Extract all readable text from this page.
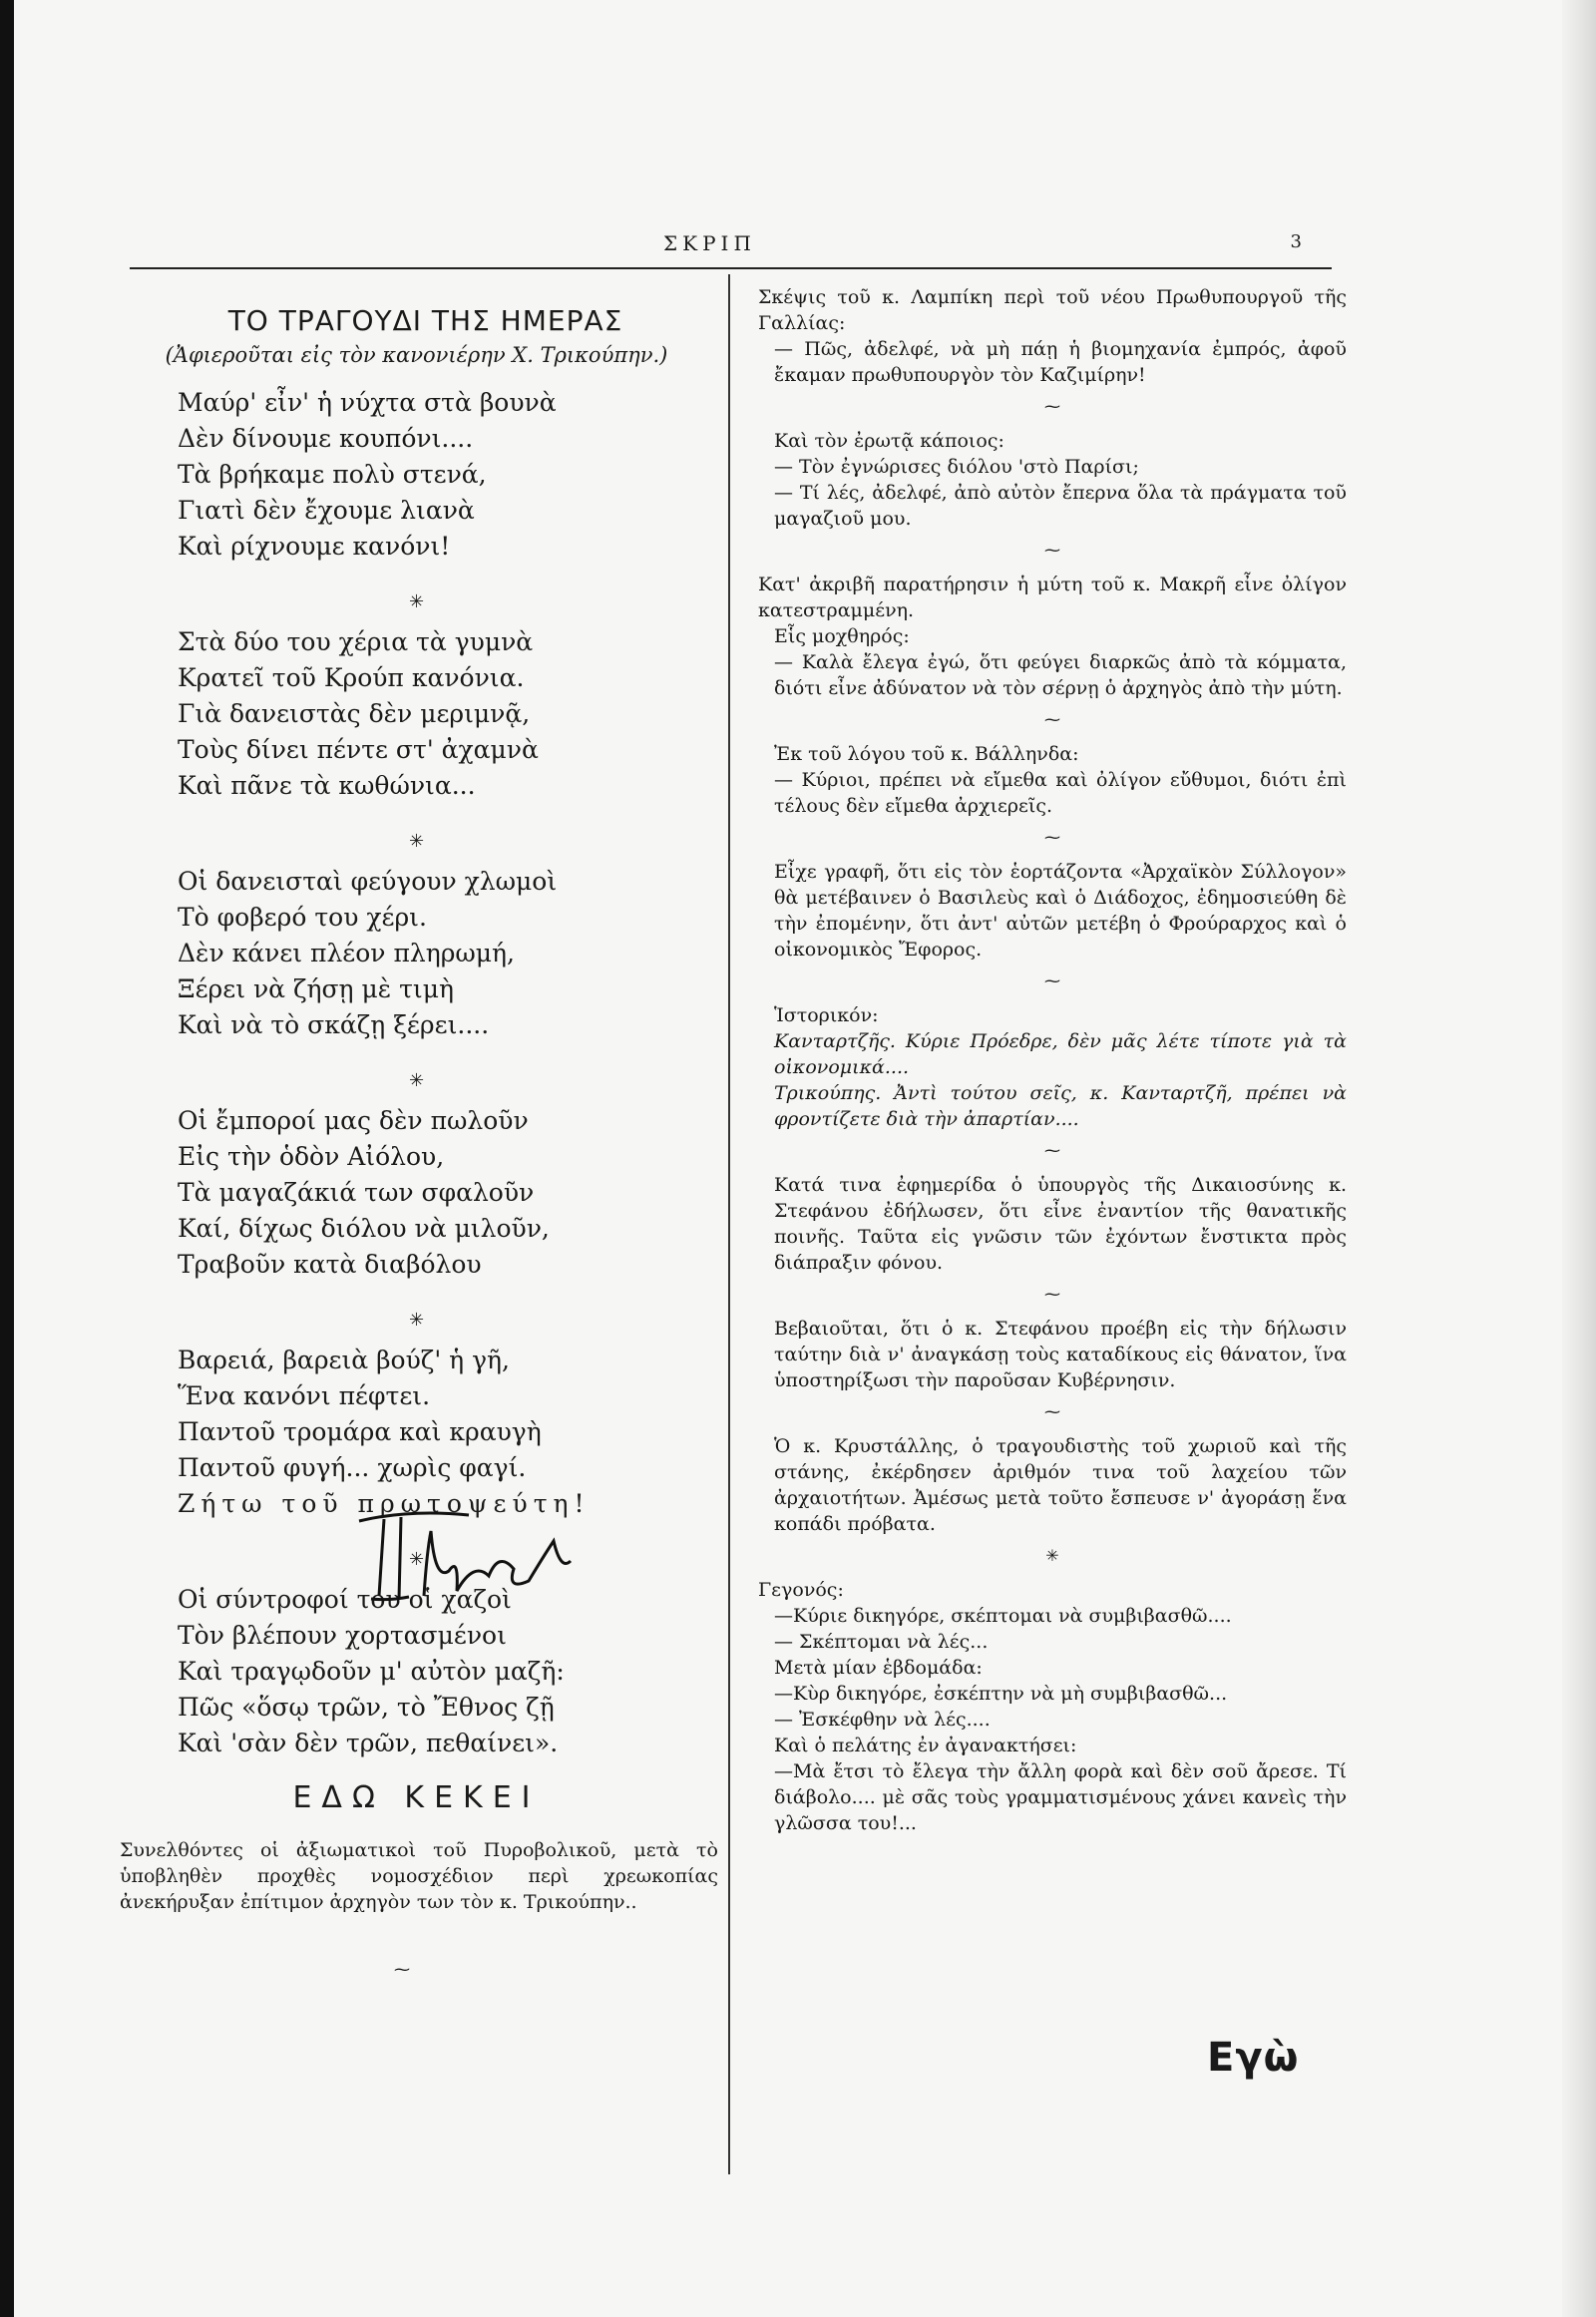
ΣΚΡΙΠ	3
ΤΟ ΤΡΑΓΟΥΔΙ ΤΗΣ ΗΜΕΡΑΣ
(Ἀφιεροῦται εἰς τὸν κανονιέρην Χ. Τρικούπην.)
Μαύρ' εἶν' ἡ νύχτα στὰ βουνὰ
Δὲν δίνουμε κουπόνι....
Τὰ βρήκαμε πολὺ στενά,
Γιατὶ δὲν ἔχουμε λιανὰ
Καὶ ρίχνουμε κανόνι!
✳
Στὰ δύο του χέρια τὰ γυμνὰ
Κρατεῖ τοῦ Κρούπ κανόνια.
Γιὰ δανειστὰς δὲν μεριμνᾷ,
Τοὺς δίνει πέντε στ' ἀχαμνὰ
Καὶ πᾶνε τὰ κωθώνια...
✳
Οἱ δανεισταὶ φεύγουν χλωμοὶ
Τὸ φοβερό του χέρι.
Δὲν κάνει πλέον πληρωμή,
Ξέρει νὰ ζήσῃ μὲ τιμὴ
Καὶ νὰ τὸ σκάζῃ ξέρει....
✳
Οἱ ἔμποροί μας δὲν πωλοῦν
Εἰς τὴν ὁδὸν Αἰόλου,
Τὰ μαγαζάκιά των σφαλοῦν
Καί, δίχως διόλου νὰ μιλοῦν,
Τραβοῦν κατὰ διαβόλου
✳
Βαρειά, βαρειὰ βούζ' ἡ γῆ,
Ἕνα κανόνι πέφτει.
Παντοῦ τρομάρα καὶ κραυγὴ
Παντοῦ φυγή... χωρὶς φαγί.
Ζήτω τοῦ πρωτοψεύτη!
✳
Οἱ σύντροφοί του οἱ χαζοὶ
Τὸν βλέπουν χορτασμένοι
Καὶ τραγῳδοῦν μ' αὐτὸν μαζῆ:
Πῶς «ὅσῳ τρῶν, τὸ Ἔθνος ζῇ
Καὶ 'σὰν δὲν τρῶν, πεθαίνει».
ΕΔΩ ΚΕΚΕΙ
Συνελθόντες οἱ ἀξιωματικοὶ τοῦ Πυροβολικοῦ, μετὰ τὸ ὑποβληθὲν προχθὲς νομοσχέδιον περὶ χρεωκοπίας ἀνεκήρυξαν ἐπίτιμον ἀρχηγὸν των τὸν κ. Τρικούπην..
⁓
Σκέψις τοῦ κ. Λαμπίκη περὶ τοῦ νέου Πρωθυπουργοῦ τῆς Γαλλίας:
— Πῶς, ἀδελφέ, νὰ μὴ πάῃ ἡ βιομηχανία ἐμπρός, ἀφοῦ ἔκαμαν πρωθυπουργὸν τὸν Καζιμίρην!
⁓
Καὶ τὸν ἐρωτᾷ κάποιος:
— Τὸν ἐγνώρισες διόλου 'στὸ Παρίσι;
— Τί λές, ἀδελφέ, ἀπὸ αὐτὸν ἔπερνα ὅλα τὰ πράγματα τοῦ μαγαζιοῦ μου.
⁓
Κατ' ἀκριβῆ παρατήρησιν ἡ μύτη τοῦ κ. Μακρῆ εἶνε ὀλίγον κατεστραμμένη.
Εἷς μοχθηρός:
— Καλὰ ἔλεγα ἐγώ, ὅτι φεύγει διαρκῶς ἀπὸ τὰ κόμματα, διότι εἶνε ἀδύνατον νὰ τὸν σέρνῃ ὁ ἀρχηγὸς ἀπὸ τὴν μύτη.
⁓
Ἐκ τοῦ λόγου τοῦ κ. Βάλληνδα:
— Κύριοι, πρέπει νὰ εἴμεθα καὶ ὀλίγον εὔθυμοι, διότι ἐπὶ τέλους δὲν εἴμεθα ἀρχιερεῖς.
⁓
Εἶχε γραφῆ, ὅτι εἰς τὸν ἑορτάζοντα «Ἀρχαϊκὸν Σύλλογον» θὰ μετέβαινεν ὁ Βασιλεὺς καὶ ὁ Διάδοχος, ἐδημοσιεύθη δὲ τὴν ἐπομένην, ὅτι ἀντ' αὐτῶν μετέβη ὁ Φρούραρχος καὶ ὁ οἰκονομικὸς Ἔφορος.
⁓
Ἱστορικόν:
Κανταρτζῆς. Κύριε Πρόεδρε, δὲν μᾶς λέτε τίποτε γιὰ τὰ οἰκονομικά....
Τρικούπης. Ἀντὶ τούτου σεῖς, κ. Κανταρτζῆ, πρέπει νὰ φροντίζετε διὰ τὴν ἀπαρτίαν....
⁓
Κατά τινα ἐφημερίδα ὁ ὑπουργὸς τῆς Δικαιοσύνης κ. Στεφάνου ἐδήλωσεν, ὅτι εἶνε ἐναντίον τῆς θανατικῆς ποινῆς. Ταῦτα εἰς γνῶσιν τῶν ἐχόντων ἔνστικτα πρὸς διάπραξιν φόνου.
⁓
Βεβαιοῦται, ὅτι ὁ κ. Στεφάνου προέβη εἰς τὴν δήλωσιν ταύτην διὰ ν' ἀναγκάσῃ τοὺς καταδίκους εἰς θάνατον, ἵνα ὑποστηρίξωσι τὴν παροῦσαν Κυβέρνησιν.
⁓
Ὁ κ. Κρυστάλλης, ὁ τραγουδιστὴς τοῦ χωριοῦ καὶ τῆς στάνης, ἐκέρδησεν ἀριθμόν τινα τοῦ λαχείου τῶν ἀρχαιοτήτων. Ἀμέσως μετὰ τοῦτο ἔσπευσε ν' ἀγοράσῃ ἕνα κοπάδι πρόβατα.
✳
Γεγονός:
—Κύριε δικηγόρε, σκέπτομαι νὰ συμβιβασθῶ....
— Σκέπτομαι νὰ λές...
Μετὰ μίαν ἑβδομάδα:
—Κὺρ δικηγόρε, ἐσκέπτην νὰ μὴ συμβιβασθῶ...
— Ἐσκέφθην νὰ λές....
Καὶ ὁ πελάτης ἐν ἀγανακτήσει:
—Μὰ ἔτσι τὸ ἔλεγα τὴν ἄλλη φορὰ καὶ δὲν σοῦ ἄρεσε. Τί διάβολο.... μὲ σᾶς τοὺς γραμματισμένους χάνει κανεὶς τὴν γλῶσσα του!...
Εγὼ
